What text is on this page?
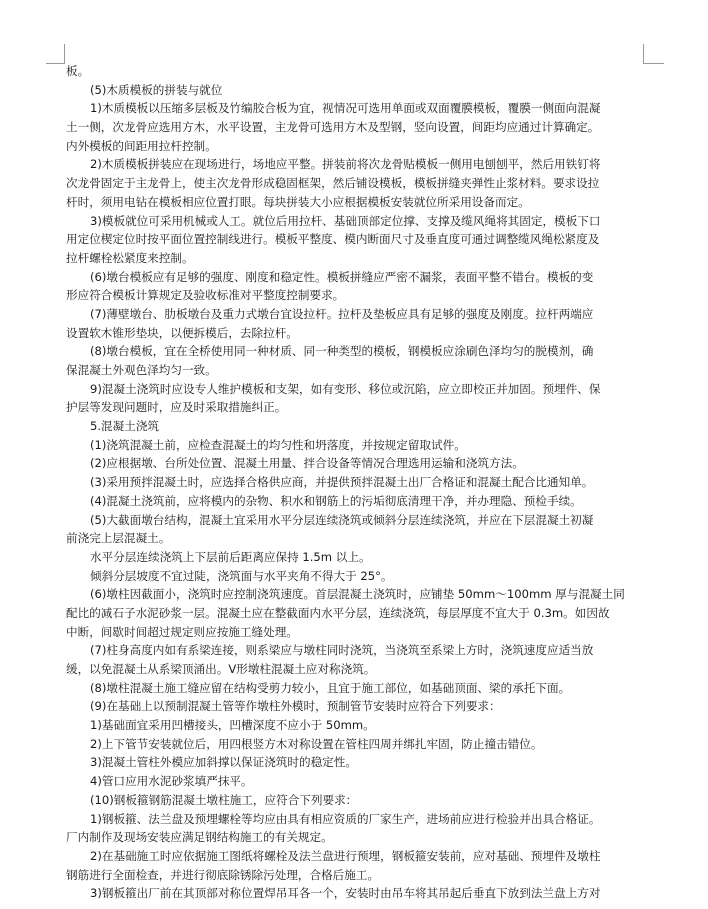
板。
(5)木质模板的拼装与就位
1)木质模板以压缩多层板及竹编胶合板为宜，视情况可选用单面或双面覆膜模板，覆膜一侧面向混凝
土一侧，次龙骨应选用方木，水平设置，主龙骨可选用方木及型钢，竖向设置，间距均应通过计算确定。
内外模板的间距用拉杆控制。
2)木质模板拼装应在现场进行，场地应平整。拼装前将次龙骨贴模板一侧用电刨刨平，然后用铁钉将
次龙骨固定于主龙骨上，使主次龙骨形成稳固框架，然后铺设模板，模板拼缝夹弹性止浆材料。要求设拉
杆时，须用电钻在模板相应位置打眼。每块拼装大小应根据模板安装就位所采用设备而定。
3)模板就位可采用机械或人工。就位后用拉杆、基础顶部定位撑、支撑及缆风绳将其固定，模板下口
用定位楔定位时按平面位置控制线进行。模板平整度、模内断面尺寸及垂直度可通过调整缆风绳松紧度及
拉杆螺栓松紧度来控制。
(6)墩台模板应有足够的强度、刚度和稳定性。模板拼缝应严密不漏浆，表面平整不错台。模板的变
形应符合模板计算规定及验收标准对平整度控制要求。
(7)薄壁墩台、肋板墩台及重力式墩台宜设拉杆。拉杆及垫板应具有足够的强度及刚度。拉杆两端应
设置软木锥形垫块，以便拆模后，去除拉杆。
(8)墩台模板，宜在全桥使用同一种材质、同一种类型的模板，钢模板应涂刷色泽均匀的脱模剂，确
保混凝土外观色泽均匀一致。
9)混凝土浇筑时应设专人维护模板和支架，如有变形、移位或沉陷，应立即校正并加固。预埋件、保
护层等发现问题时，应及时采取措施纠正。
5.混凝土浇筑
(1)浇筑混凝土前，应检查混凝土的均匀性和坍落度，并按规定留取试件。
(2)应根据墩、台所处位置、混凝土用量、拌合设备等情况合理选用运输和浇筑方法。
(3)采用预拌混凝土时，应选择合格供应商，并提供预拌混凝土出厂合格证和混凝土配合比通知单。
(4)混凝土浇筑前，应将模内的杂物、积水和钢筋上的污垢彻底清理干净，并办理隐、预检手续。
(5)大截面墩台结构，混凝土宜采用水平分层连续浇筑或倾斜分层连续浇筑，并应在下层混凝土初凝
前浇完上层混凝土。
水平分层连续浇筑上下层前后距离应保持 1.5m 以上。
倾斜分层坡度不宜过陡，浇筑面与水平夹角不得大于 25°。
(6)墩柱因截面小，浇筑时应控制浇筑速度。首层混凝土浇筑时，应铺垫 50mm～100mm 厚与混凝土同
配比的减石子水泥砂浆一层。混凝土应在整截面内水平分层，连续浇筑，每层厚度不宜大于 0.3m。如因故
中断，间歇时间超过规定则应按施工缝处理。
(7)柱身高度内如有系梁连接，则系梁应与墩柱同时浇筑，当浇筑至系梁上方时，浇筑速度应适当放
缓，以免混凝土从系梁顶涌出。V形墩柱混凝土应对称浇筑。
(8)墩柱混凝土施工缝应留在结构受剪力较小，且宜于施工部位，如基础顶面、梁的承托下面。
(9)在基础上以预制混凝土管等作墩柱外模时，预制管节安装时应符合下列要求：
1)基础面宜采用凹槽接头，凹槽深度不应小于 50mm。
2)上下管节安装就位后，用四根竖方木对称设置在管柱四周并绑扎牢固，防止撞击错位。
3)混凝土管柱外模应加斜撑以保证浇筑时的稳定性。
4)管口应用水泥砂浆填严抹平。
(10)钢板箍钢筋混凝土墩柱施工，应符合下列要求：
1)钢板箍、法兰盘及预埋螺栓等均应由具有相应资质的厂家生产，进场前应进行检验并出具合格证。
厂内制作及现场安装应满足钢结构施工的有关规定。
2)在基础施工时应依据施工图纸将螺栓及法兰盘进行预埋，钢板箍安装前，应对基础、预埋件及墩柱
钢筋进行全面检查，并进行彻底除锈除污处理，合格后施工。
3)钢板箍出厂前在其顶部对称位置焊吊耳各一个，安装时由吊车将其吊起后垂直下放到法兰盘上方对
